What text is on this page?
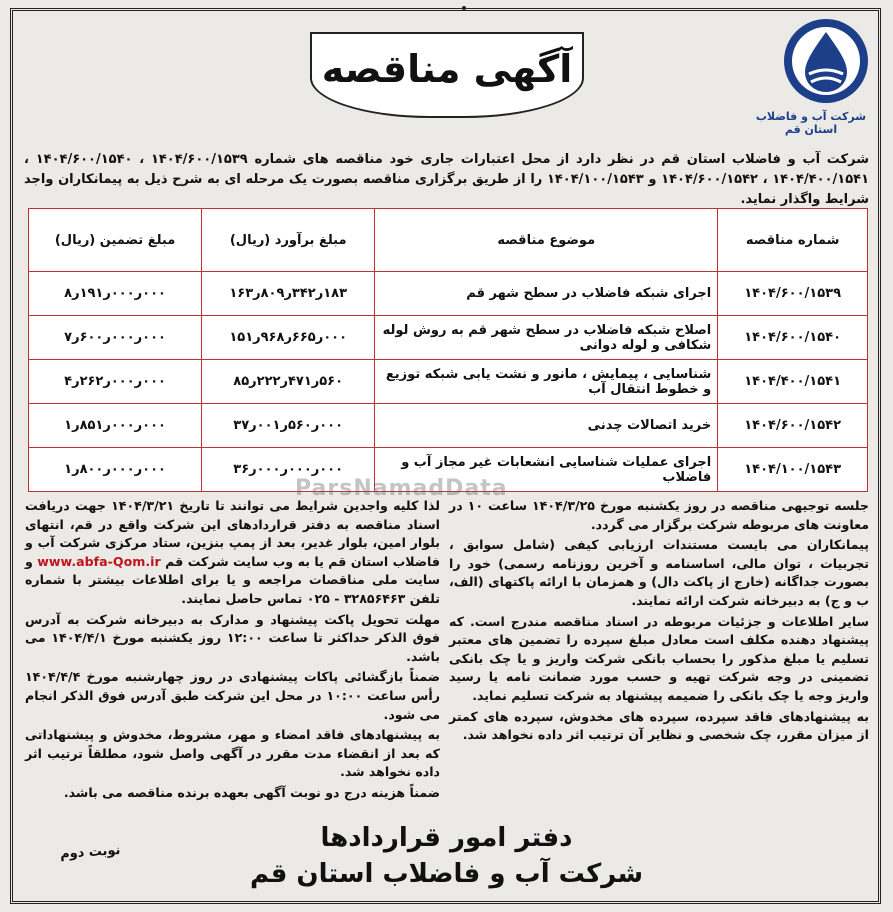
شرکت آب و فاضلاب استان قم
آگهی مناقصه
شرکت آب و فاضلاب استان قم در نظر دارد از محل اعتبارات جاری خود مناقصه های شماره ۱۴۰۴/۶۰۰/۱۵۳۹ ، ۱۴۰۴/۶۰۰/۱۵۴۰ ، ۱۴۰۴/۴۰۰/۱۵۴۱ ، ۱۴۰۴/۶۰۰/۱۵۴۲ و ۱۴۰۴/۱۰۰/۱۵۴۳ را از طریق برگزاری مناقصه بصورت یک مرحله ای به شرح ذیل به پیمانکاران واجد شرایط واگذار نماید.
شماره مناقصه	موضوع مناقصه	مبلغ برآورد (ریال)	مبلغ تضمین (ریال)
۱۴۰۴/۶۰۰/۱۵۳۹	اجرای شبکه فاضلاب در سطح شهر قم	۱۸۳ر۳۴۲ر۸۰۹ر۱۶۳	۰۰۰ر۰۰۰ر۱۹۱ر۸
۱۴۰۴/۶۰۰/۱۵۴۰	اصلاح شبکه فاضلاب در سطح شهر قم به روش لوله شکافی و لوله دوانی	۰۰۰ر۶۶۵ر۹۶۸ر۱۵۱	۰۰۰ر۰۰۰ر۶۰۰ر۷
۱۴۰۴/۴۰۰/۱۵۴۱	شناسایی ، پیمایش ، مانور و نشت یابی شبکه توزیع و خطوط انتقال آب	۵۶۰ر۴۷۱ر۲۲۲ر۸۵	۰۰۰ر۰۰۰ر۲۶۲ر۴
۱۴۰۴/۶۰۰/۱۵۴۲	خرید اتصالات چدنی	۰۰۰ر۵۶۰ر۰۰۱ر۳۷	۰۰۰ر۰۰۰ر۸۵۱ر۱
۱۴۰۴/۱۰۰/۱۵۴۳	اجرای عملیات شناسایی انشعابات غیر مجاز آب و فاضلاب	۰۰۰ر۰۰۰ر۰۰۰ر۳۶	۰۰۰ر۰۰۰ر۸۰۰ر۱
ParsNamadData

جلسه توجیهی مناقصه در روز یکشنبه مورخ ۱۴۰۴/۳/۲۵ ساعت ۱۰ در معاونت های مربوطه شرکت برگزار می گردد.

پیمانکاران می بایست مستندات ارزیابی کیفی (شامل سوابق ، تجربیات ، توان مالی، اساسنامه و آخرین روزنامه رسمی) خود را بصورت جداگانه (خارج از پاکت دال) و همزمان با ارائه پاکتهای (الف، ب و ج) به دبیرخانه شرکت ارائه نمایند.

سایر اطلاعات و جزئیات مربوطه در اسناد مناقصه مندرج است. که پیشنهاد دهنده مکلف است معادل مبلغ سپرده را تضمین های معتبر تسلیم یا مبلغ مذکور را بحساب بانکی شرکت واریز و یا چک بانکی تضمینی در وجه شرکت تهیه و حسب مورد ضمانت نامه یا رسید واریز وجه یا چک بانکی را ضمیمه پیشنهاد به شرکت تسلیم نماید.

به پیشنهادهای فاقد سپرده، سپرده های مخدوش، سپرده های کمتر از میزان مقرر، چک شخصی و نظایر آن ترتیب اثر داده نخواهد شد.

لذا کلیه واجدین شرایط می توانند تا تاریخ ۱۴۰۴/۳/۲۱ جهت دریافت اسناد مناقصه به دفتر قراردادهای این شرکت واقع در قم، انتهای بلوار امین، بلوار غدیر، بعد از پمپ بنزین، ستاد مرکزی شرکت آب و فاضلاب استان قم یا به وب سایت شرکت قم www.abfa-Qom.ir و سایت ملی مناقصات مراجعه و یا برای اطلاعات بیشتر با شماره تلفن ۳۲۸۵۶۴۶۳ - ۰۲۵ تماس حاصل نمایند.

مهلت تحویل پاکت پیشنهاد و مدارک به دبیرخانه شرکت به آدرس فوق الذکر حداکثر تا ساعت ۱۲:۰۰ روز یکشنبه مورخ ۱۴۰۴/۴/۱ می باشد.

ضمناً بازگشائی پاکات پیشنهادی در روز چهارشنبه مورخ ۱۴۰۴/۴/۴ رأس ساعت ۱۰:۰۰ در محل این شرکت طبق آدرس فوق الذکر انجام می شود.

به پیشنهادهای فاقد امضاء و مهر، مشروط، مخدوش و پیشنهاداتی که بعد از انقضاء مدت مقرر در آگهی واصل شود، مطلقاً ترتیب اثر داده نخواهد شد.

ضمناً هزینه درج دو نوبت آگهی بعهده برنده مناقصه می باشد.

دفتر امور قراردادها
شرکت آب و فاضلاب استان قم
نوبت دوم
